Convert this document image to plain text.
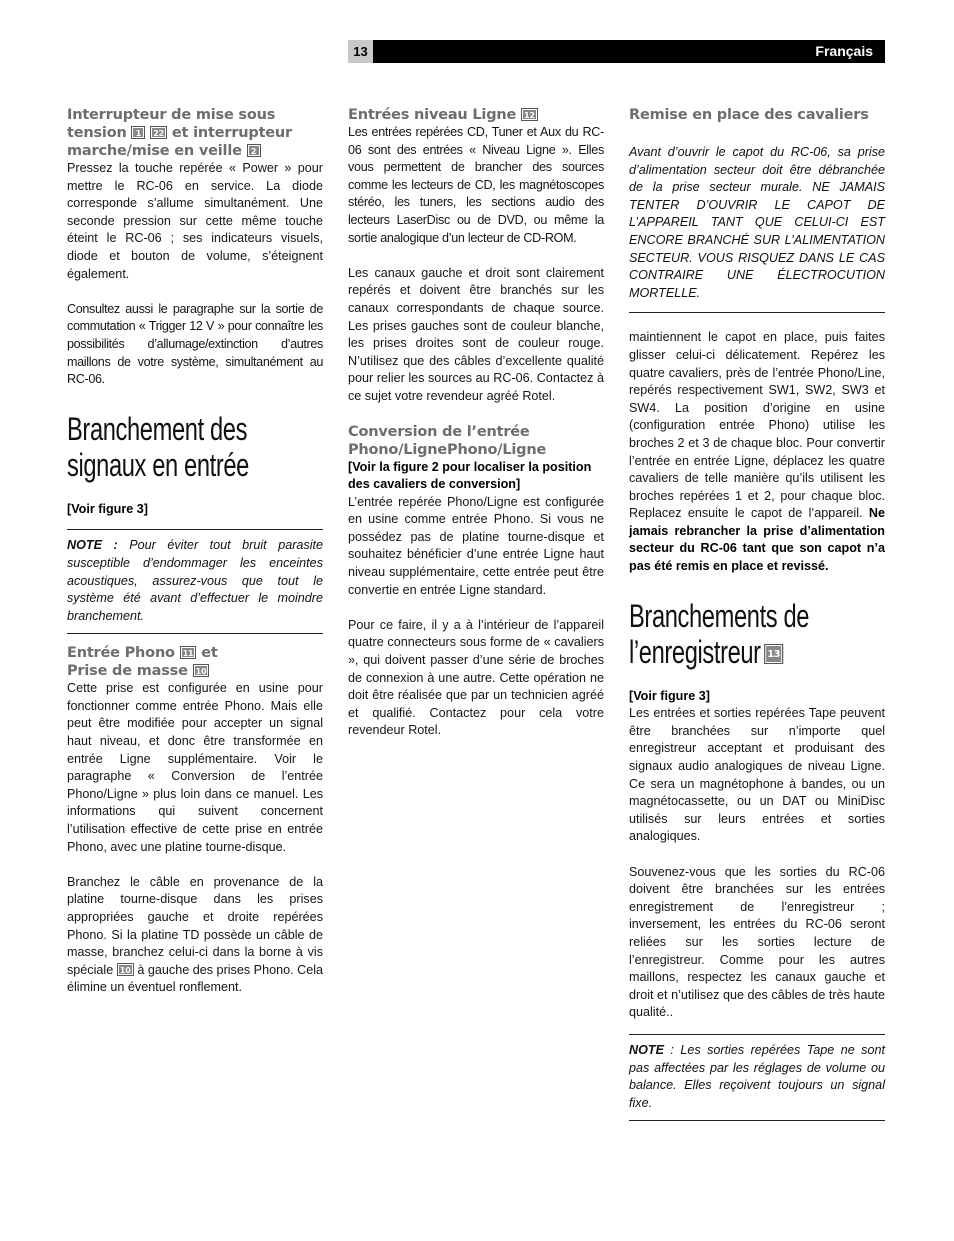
13	Français
Interrupteur de mise sous
tension 1 22 et interrupteur
marche/mise en veille 2

Pressez la touche repérée « Power » pour mettre le RC-06 en service. La diode corresponde s’allume simultanément. Une seconde pression sur cette même touche éteint le RC-06 ; ses indicateurs visuels, diode et bouton de volume, s’éteignent également.

Consultez aussi le paragraphe sur la sortie de commutation « Trigger 12 V » pour connaître les possibilités d’allumage/extinction d’autres maillons de votre système, simultanément au RC-06.

Branchement des
signaux en entrée

[Voir figure 3]

NOTE : Pour éviter tout bruit parasite susceptible d’endommager les enceintes acoustiques, assurez-vous que tout le système été avant d’effectuer le moindre branchement.
Entrée Phono 11 et
Prise de masse 10

Cette prise est configurée en usine pour fonctionner comme entrée Phono. Mais elle peut être modifiée pour accepter un signal haut niveau, et donc être transformée en entrée Ligne supplémentaire. Voir le paragraphe « Conversion de l’entrée Phono/Ligne » plus loin dans ce manuel. Les informations qui suivent concernent l’utilisation effective de cette prise en entrée Phono, avec une platine tourne-disque.

Branchez le câble en provenance de la platine tourne-disque dans les prises appropriées gauche et droite repérées Phono. Si la platine TD possède un câble de masse, branchez celui-ci dans la borne à vis spéciale 10 à gauche des prises Phono. Cela élimine un éventuel ronflement.

Entrées niveau Ligne 12

Les entrées repérées CD, Tuner et Aux du RC-06 sont des entrées « Niveau Ligne ». Elles vous permettent de brancher des sources comme les lecteurs de CD, les magnétoscopes stéréo, les tuners, les sections audio des lecteurs LaserDisc ou de DVD, ou même la sortie analogique d’un lecteur de CD-ROM.

Les canaux gauche et droit sont clairement repérés et doivent être branchés sur les canaux correspondants de chaque source. Les prises gauches sont de couleur blanche, les prises droites sont de couleur rouge. N’utilisez que des câbles d’excellente qualité pour relier les sources au RC-06. Contactez à ce sujet votre revendeur agréé Rotel.

Conversion de l’entrée
Phono/LignePhono/Ligne

[Voir la figure 2 pour localiser la position des cavaliers de conversion]

L’entrée repérée Phono/Ligne est configurée en usine comme entrée Phono. Si vous ne possédez pas de platine tourne-disque et souhaitez bénéficier d’une entrée Ligne haut niveau supplémentaire, cette entrée peut être convertie en entrée Ligne standard.

Pour ce faire, il y a à l’intérieur de l’appareil quatre connecteurs sous forme de « cavaliers », qui doivent passer d’une série de broches de connexion à une autre. Cette opération ne doit être réalisée que par un technicien agréé et qualifié. Contactez pour cela votre revendeur Rotel.

Remise en place des cavaliers

Avant d’ouvrir le capot du RC-06, sa prise d’alimentation secteur doit être débranchée de la prise secteur murale. NE JAMAIS TENTER D’OUVRIR LE CAPOT DE L’APPAREIL TANT QUE CELUI-CI EST ENCORE BRANCHÉ SUR L’ALIMENTATION SECTEUR. VOUS RISQUEZ DANS LE CAS CONTRAIRE UNE ÉLECTROCUTION MORTELLE.

maintiennent le capot en place, puis faites glisser celui-ci délicatement. Repérez les quatre cavaliers, près de l’entrée Phono/Line, repérés respectivement SW1, SW2, SW3 et SW4. La position d’origine en usine (configuration entrée Phono) utilise les broches 2 et 3 de chaque bloc. Pour convertir l’entrée en entrée Ligne, déplacez les quatre cavaliers de telle manière qu’ils utilisent les broches repérées 1 et 2, pour chaque bloc. Replacez ensuite le capot de l’appareil. Ne jamais rebrancher la prise d’alimentation secteur du RC-06 tant que son capot n’a pas été remis en place et revissé.

Branchements de
l’enregistreur 13

[Voir figure 3]

Les entrées et sorties repérées Tape peuvent être branchées sur n’importe quel enregistreur acceptant et produisant des signaux audio analogiques de niveau Ligne. Ce sera un magnétophone à bandes, ou un magnétocassette, ou un DAT ou MiniDisc utilisés sur leurs entrées et sorties analogiques.

Souvenez-vous que les sorties du RC-06 doivent être branchées sur les entrées enregistrement de l’enregistreur ; inversement, les entrées du RC-06 seront reliées sur les sorties lecture de l’enregistreur. Comme pour les autres maillons, respectez les canaux gauche et droit et n’utilisez que des câbles de très haute qualité..

NOTE : Les sorties repérées Tape ne sont pas affectées par les réglages de volume ou balance. Elles reçoivent toujours un signal fixe.
